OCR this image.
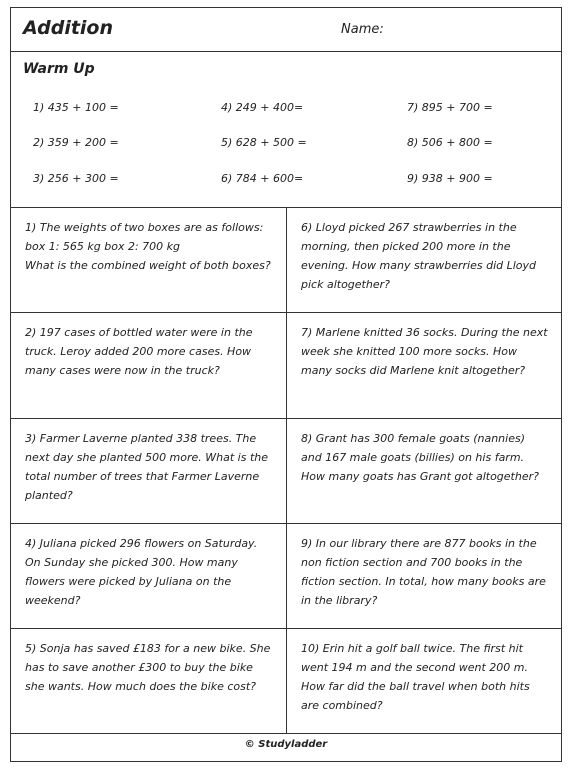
Addition	Name:
Warm Up
1) 435 + 100 =
2) 359 + 200 =
3) 256 + 300 =
4) 249 + 400=
5) 628 + 500 =
6) 784 + 600=
7) 895 + 700 =
8) 506 + 800 =
9) 938 + 900 =
1) The weights of two boxes are as follows:
box 1: 565 kg box 2: 700 kg
What is the combined weight of both boxes?
2) 197 cases of bottled water were in the truck. Leroy added 200 more cases. How many cases were now in the truck?
3) Farmer Laverne planted 338 trees. The next day she planted 500 more. What is the total number of trees that Farmer Laverne planted?
4) Juliana picked 296 flowers on Saturday. On Sunday she picked 300. How many flowers were picked by Juliana on the weekend?
5) Sonja has saved £183 for a new bike. She has to save another £300 to buy the bike she wants. How much does the bike cost?
6) Lloyd picked 267 strawberries in the morning, then picked 200 more in the evening. How many strawberries did Lloyd pick altogether?
7) Marlene knitted 36 socks. During the next week she knitted 100 more socks. How many socks did Marlene knit altogether?
8) Grant has 300 female goats (nannies) and 167 male goats (billies) on his farm. How many goats has Grant got altogether?
9) In our library there are 877 books in the non fiction section and 700 books in the fiction section. In total, how many books are in the library?
10) Erin hit a golf ball twice. The first hit went 194 m and the second went 200 m. How far did the ball travel when both hits are combined?
© Studyladder
